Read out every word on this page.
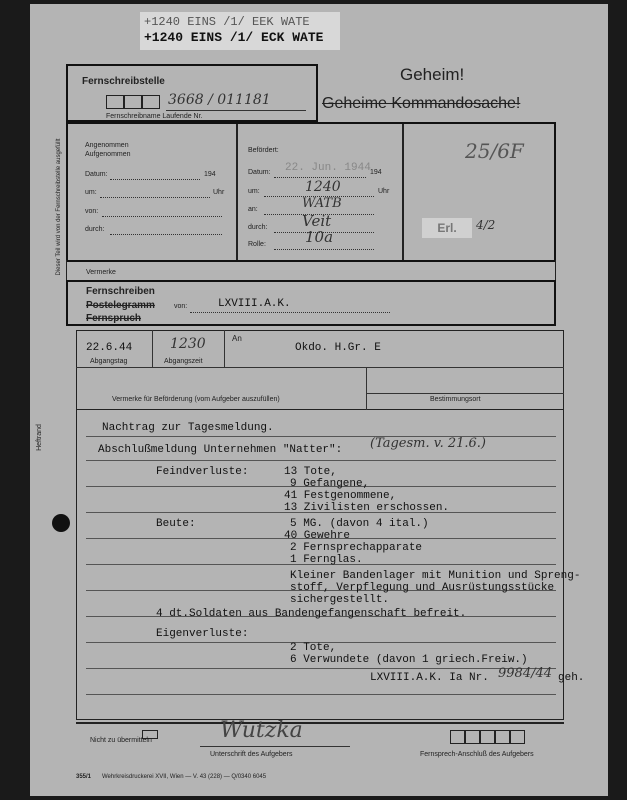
+1240 EINS /1/ EEK WATE
+1240 EINS /1/ ECK WATE
Fernschreibstelle
3668 / 011181
Fernschreibname Laufende Nr.
Geheim!
Geheime Kommandosache!
Dieser Teil wird von der Fernschreibstelle ausgefüllt	Angenommen
Aufgenommen
Datum:	194
um:	Uhr
von:
durch:
Befördert:
Datum: 22. Jun. 1944 194
um:	1240	Uhr
an:	WATB
durch: Veit
Rolle:	10a
25/6F
Erl.	4/2
Vermerke
Fernschreiben
Postelegramm
Fernspruch
von:	LXVIII.A.K.
22.6.44
Abgangstag
1230
Abgangszeit
An
Okdo. H.Gr. E
Vermerke für Beförderung (vom Aufgeber auszufüllen)	Bestimmungsort
Heftrand	Nachtrag zur Tagesmeldung.
Abschlußmeldung Unternehmen "Natter": (Tagesm. v. 21.6.)
Feindverluste:	13 Tote,
9 Gefangene,
41 Festgenommene,
13 Zivilisten erschossen.
Beute:	5 MG. (davon 4 ital.)
40 Gewehre
2 Fernsprechapparate
1 Fernglas.
Kleiner Bandenlager mit Munition und Spreng-
stoff, Verpflegung und Ausrüstungsstücke
sichergestellt.
4 dt.Soldaten aus Bandengefangenschaft befreit.
Eigenverluste:
2 Tote,
6 Verwundete (davon 1 griech.Freiw.)
LXVIII.A.K. Ia Nr. 9984/44 geh.
Nicht zu übermitteln	Wutzka
Unterschrift des Aufgebers	Fernsprech-Anschluß des Aufgebers
355/1 Wehrkreisdruckerei XVII, Wien — V. 43 (228) — Q/0340 6045
